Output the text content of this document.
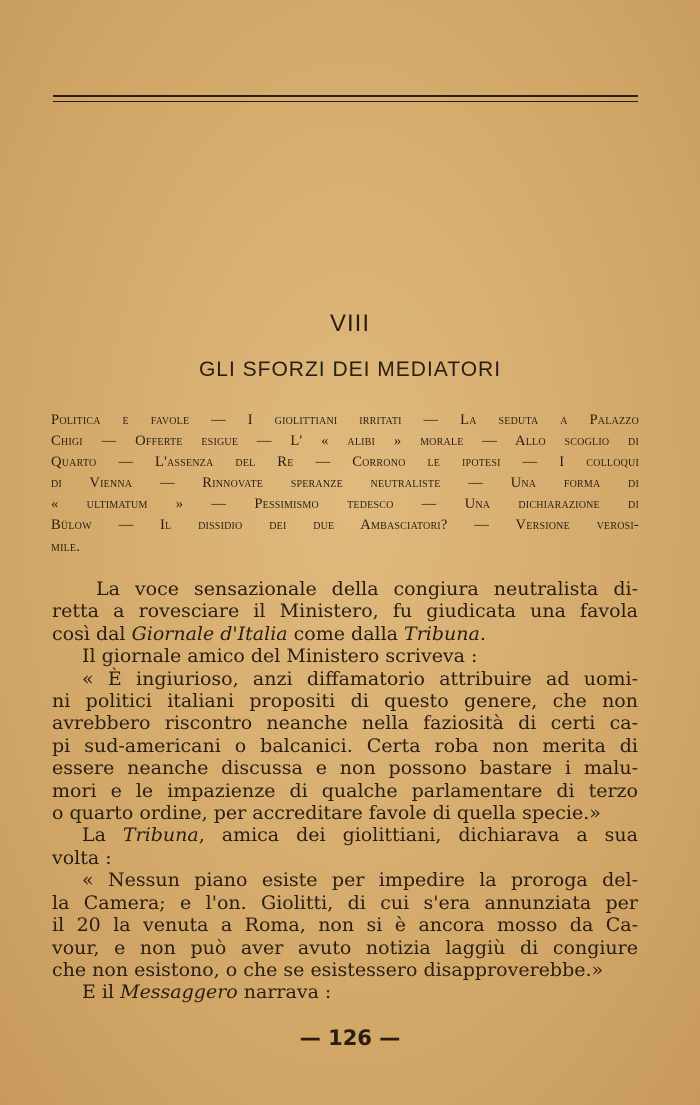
VIII
GLI SFORZI DEI MEDIATORI
Politica e favole — I giolittiani irritati — La seduta a Palazzo
Chigi — Offerte esigue — L' « alibi » morale — Allo scoglio di
Quarto — L'assenza del Re — Corrono le ipotesi — I colloqui
di Vienna — Rinnovate speranze neutraliste — Una forma di
« ultimatum » — Pessimismo tedesco — Una dichiarazione di
Bülow — Il dissidio dei due Ambasciatori? — Versione verosi-
mile.
La voce sensazionale della congiura neutralista di-
retta a rovesciare il Ministero, fu giudicata una favola
così dal Giornale d'Italia come dalla Tribuna.
Il giornale amico del Ministero scriveva :
« È ingiurioso, anzi diffamatorio attribuire ad uomi-
ni politici italiani propositi di questo genere, che non
avrebbero riscontro neanche nella faziosità di certi ca-
pi sud-americani o balcanici. Certa roba non merita di
essere neanche discussa e non possono bastare i malu-
mori e le impazienze di qualche parlamentare di terzo
o quarto ordine, per accreditare favole di quella specie.»
La Tribuna, amica dei giolittiani, dichiarava a sua
volta :
« Nessun piano esiste per impedire la proroga del-
la Camera; e l'on. Giolitti, di cui s'era annunziata per
il 20 la venuta a Roma, non si è ancora mosso da Ca-
vour, e non può aver avuto notizia laggiù di congiure
che non esistono, o che se esistessero disapproverebbe.»
E il Messaggero narrava :
— 126 —
